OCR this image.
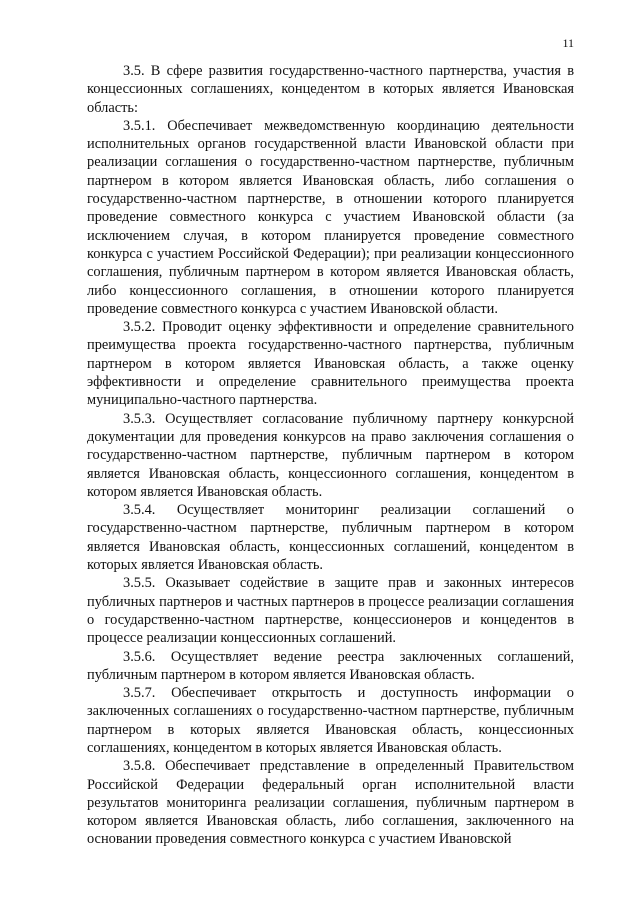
11

3.5. В сфере развития государственно-частного партнерства, участия в концессионных соглашениях, концедентом в которых является Ивановская область:

3.5.1. Обеспечивает межведомственную координацию деятельности исполнительных органов государственной власти Ивановской области при реализации соглашения о государственно-частном партнерстве, публичным партнером в котором является Ивановская область, либо соглашения о государственно-частном партнерстве, в отношении которого планируется проведение совместного конкурса с участием Ивановской области (за исключением случая, в котором планируется проведение совместного конкурса с участием Российской Федерации); при реализации концессионного соглашения, публичным партнером в котором является Ивановская область, либо концессионного соглашения, в отношении которого планируется проведение совместного конкурса с участием Ивановской области.

3.5.2. Проводит оценку эффективности и определение сравнительного преимущества проекта государственно-частного партнерства, публичным партнером в котором является Ивановская область, а также оценку эффективности и определение сравнительного преимущества проекта муниципально-частного партнерства.

3.5.3. Осуществляет согласование публичному партнеру конкурсной документации для проведения конкурсов на право заключения соглашения о государственно-частном партнерстве, публичным партнером в котором является Ивановская область, концессионного соглашения, концедентом в котором является Ивановская область.

3.5.4. Осуществляет мониторинг реализации соглашений о государственно-частном партнерстве, публичным партнером в котором является Ивановская область, концессионных соглашений, концедентом в которых является Ивановская область.

3.5.5. Оказывает содействие в защите прав и законных интересов публичных партнеров и частных партнеров в процессе реализации соглашения о государственно-частном партнерстве, концессионеров и концедентов в процессе реализации концессионных соглашений.

3.5.6. Осуществляет ведение реестра заключенных соглашений, публичным партнером в котором является Ивановская область.

3.5.7. Обеспечивает открытость и доступность информации о заключенных соглашениях о государственно-частном партнерстве, публичным партнером в которых является Ивановская область, концессионных соглашениях, концедентом в которых является Ивановская область.

3.5.8. Обеспечивает представление в определенный Правительством Российской Федерации федеральный орган исполнительной власти результатов мониторинга реализации соглашения, публичным партнером в котором является Ивановская область, либо соглашения, заключенного на основании проведения совместного конкурса с участием Ивановской
